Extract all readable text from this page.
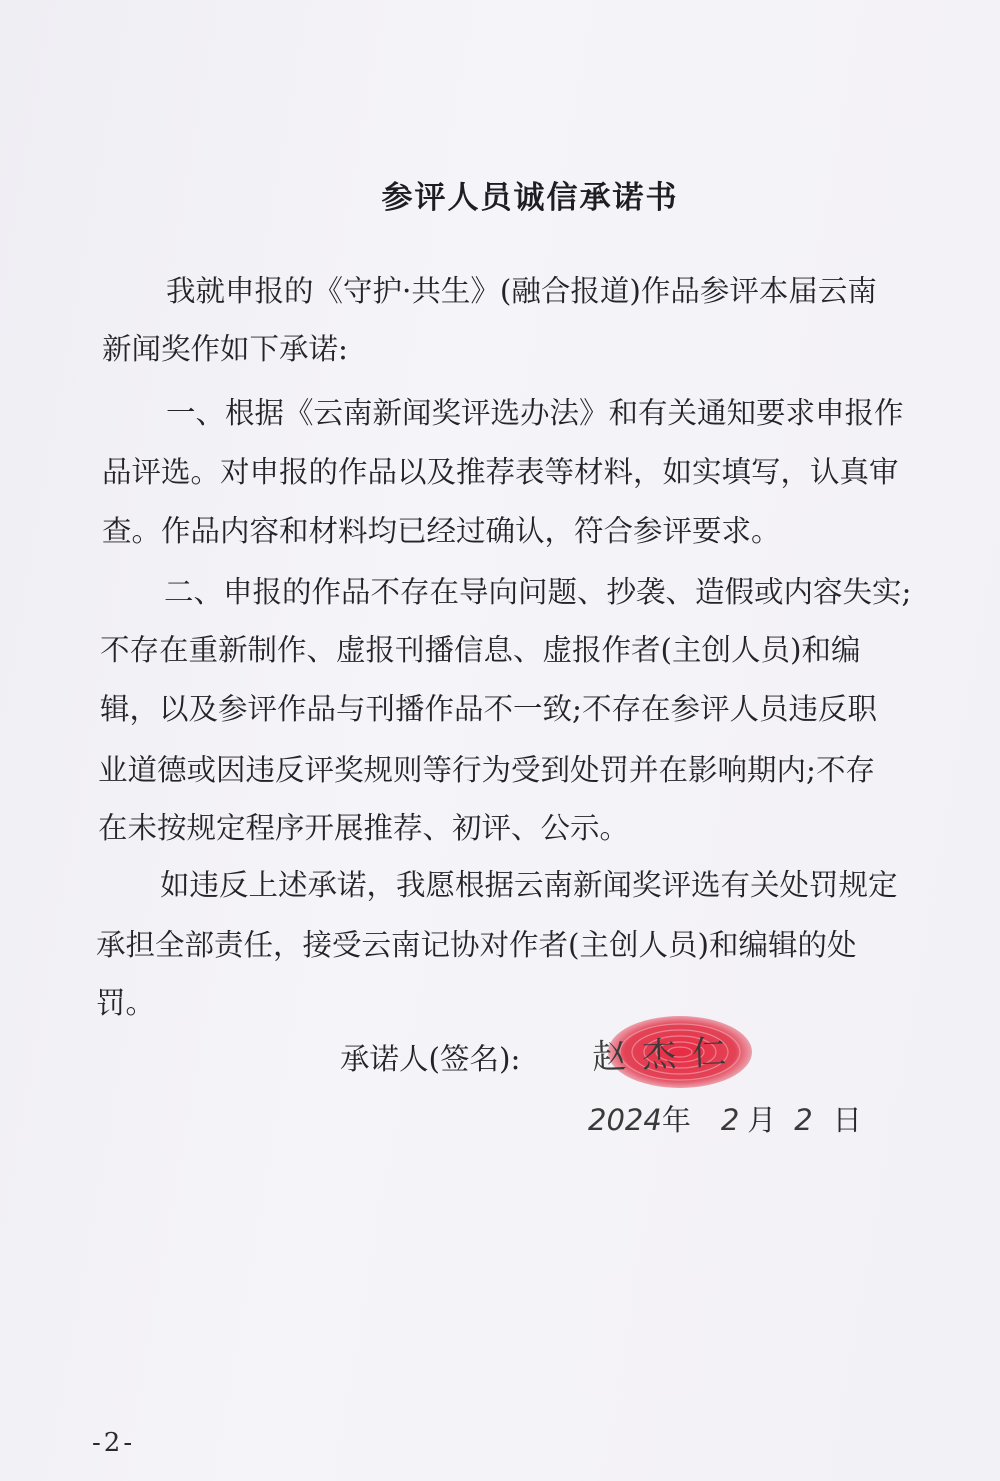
参评人员诚信承诺书
我就申报的《守护·共生》(融合报道)作品参评本届云南
新闻奖作如下承诺:
一、根据《云南新闻奖评选办法》和有关通知要求申报作
品评选。对申报的作品以及推荐表等材料，如实填写，认真审
查。作品内容和材料均已经过确认，符合参评要求。
二、申报的作品不存在导向问题、抄袭、造假或内容失实;
不存在重新制作、虚报刊播信息、虚报作者(主创人员)和编
辑，以及参评作品与刊播作品不一致;不存在参评人员违反职
业道德或因违反评奖规则等行为受到处罚并在影响期内;不存
在未按规定程序开展推荐、初评、公示。
如违反上述承诺，我愿根据云南新闻奖评选有关处罚规定
承担全部责任，接受云南记协对作者(主创人员)和编辑的处
罚。
承诺人(签名): 赵杰仁
2024年 2 月 2 日
-2-
